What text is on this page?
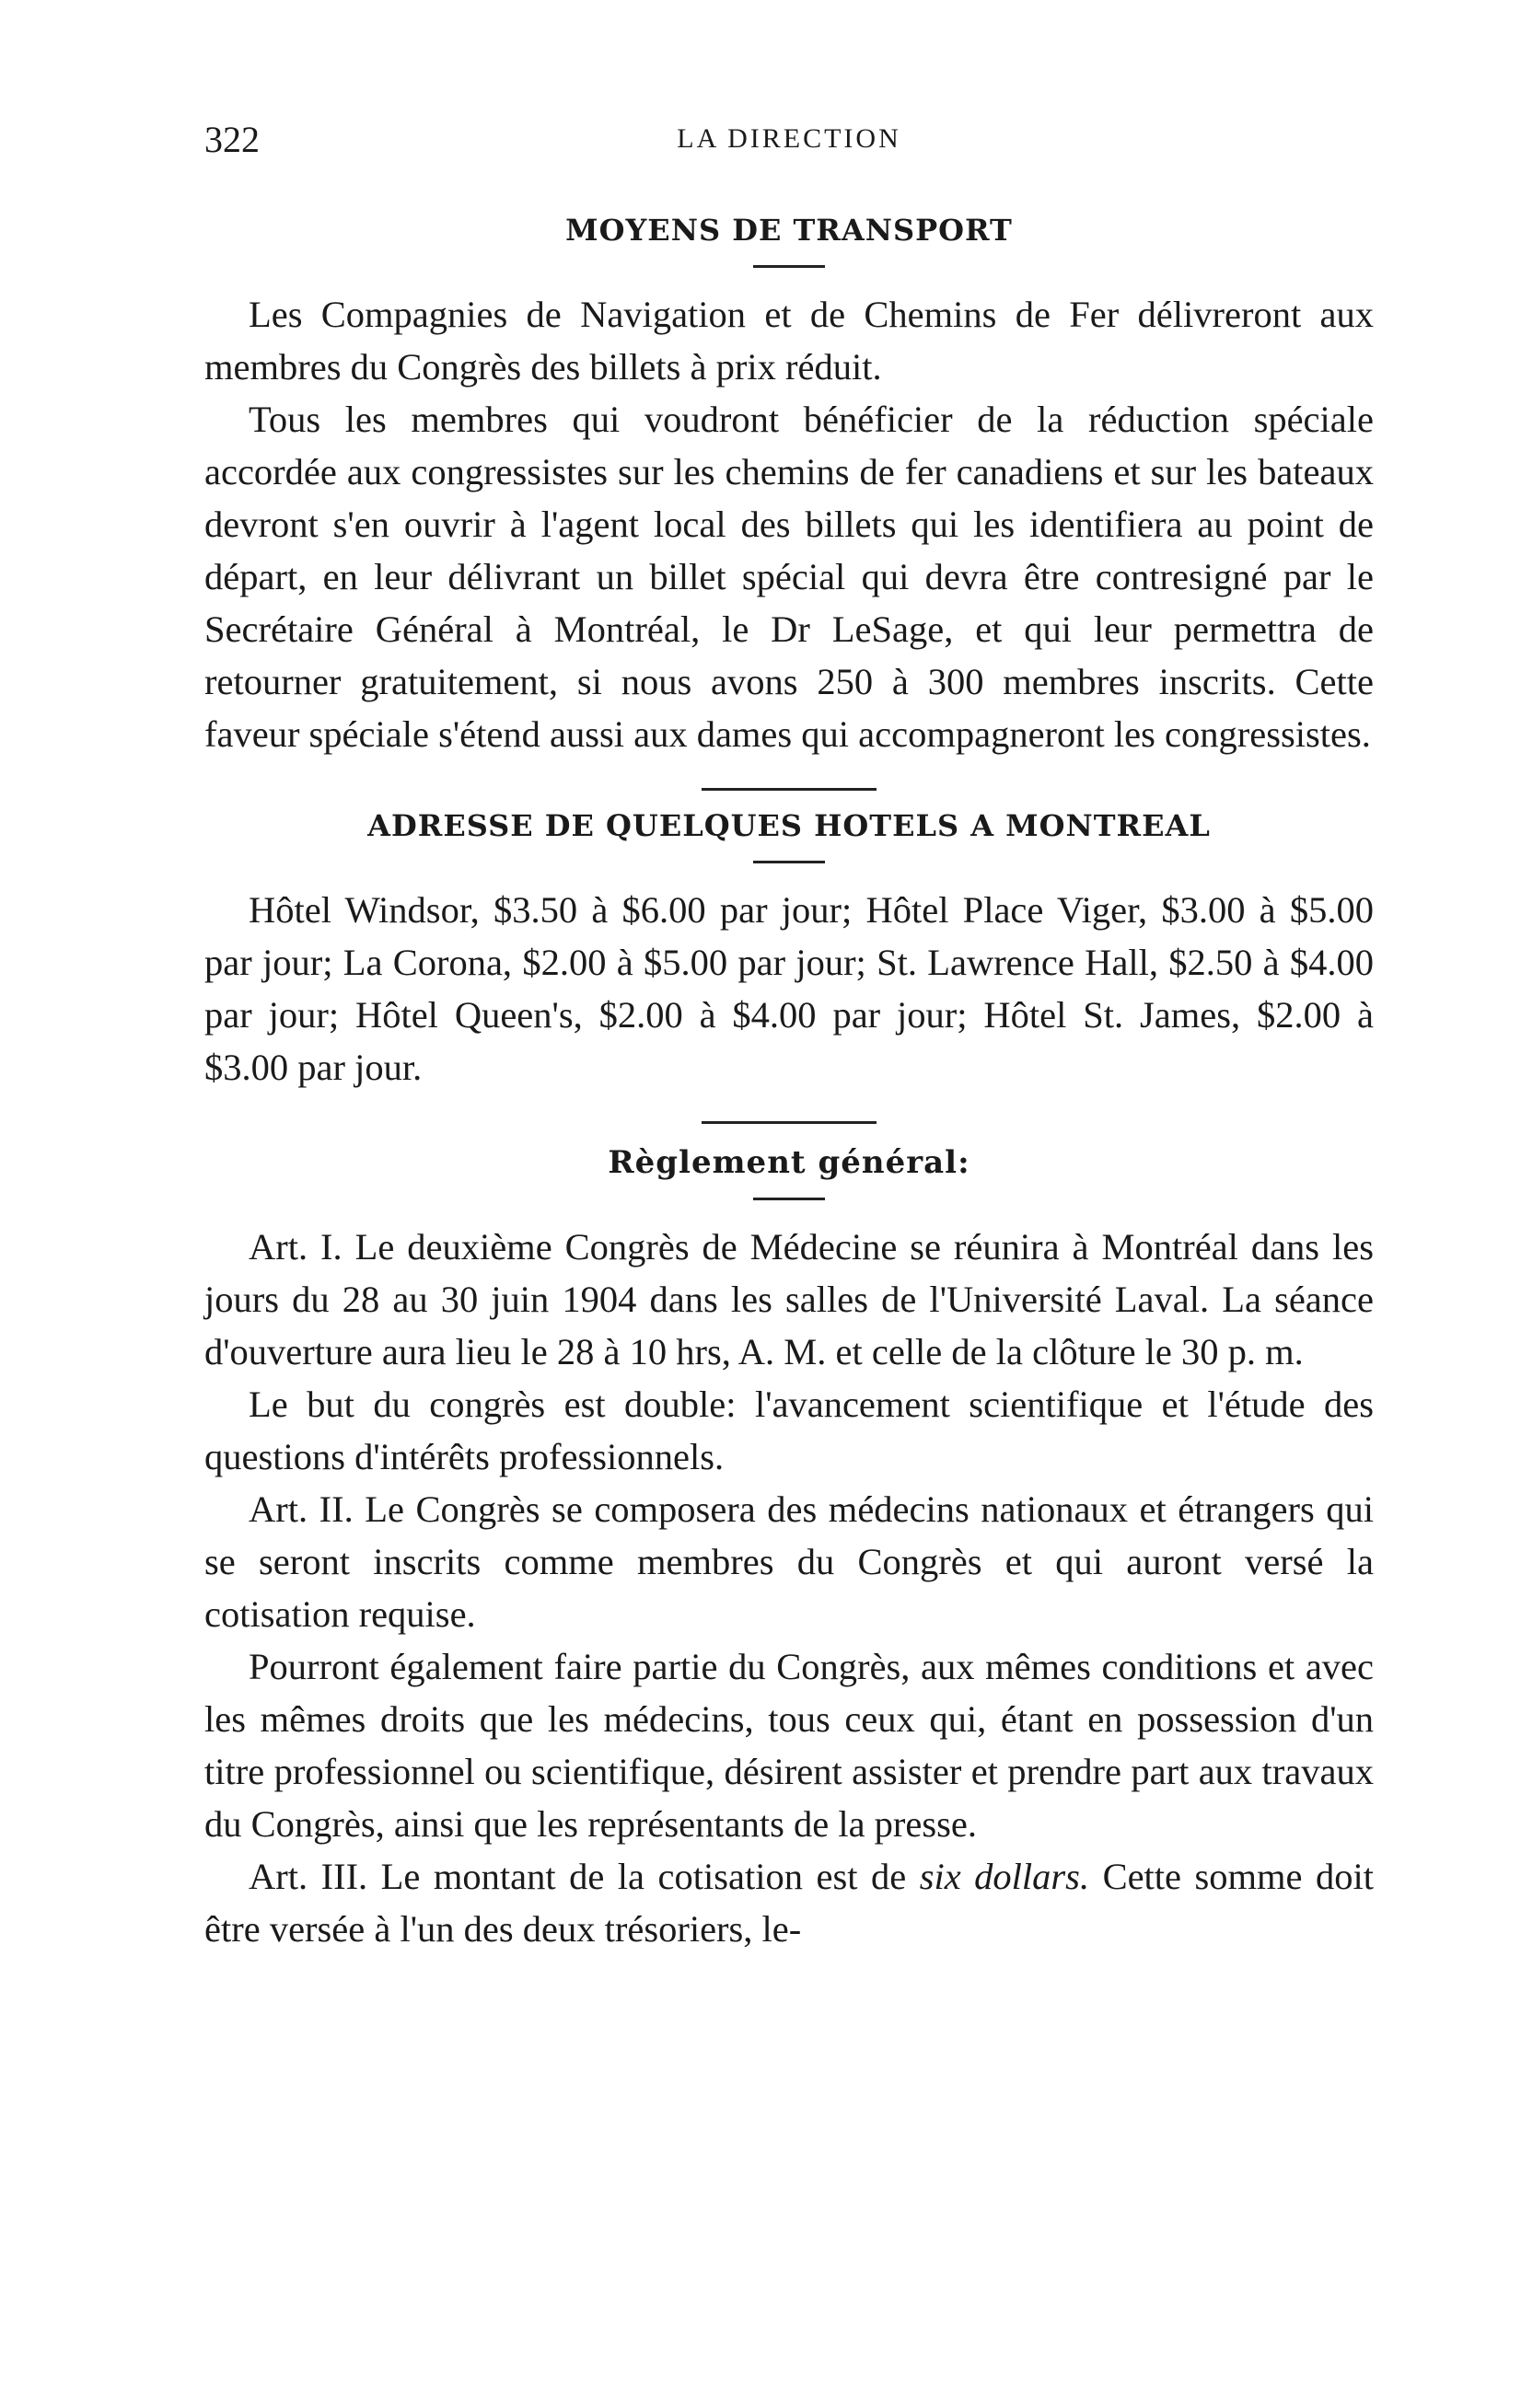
322	LA DIRECTION
MOYENS DE TRANSPORT

Les Compagnies de Navigation et de Chemins de Fer délivreront aux membres du Congrès des billets à prix réduit.

Tous les membres qui voudront bénéficier de la réduction spéciale accordée aux congressistes sur les chemins de fer canadiens et sur les bateaux devront s'en ouvrir à l'agent local des billets qui les identifiera au point de départ, en leur délivrant un billet spécial qui devra être contresigné par le Secrétaire Général à Montréal, le Dr LeSage, et qui leur permettra de retourner gratuitement, si nous avons 250 à 300 membres inscrits. Cette faveur spéciale s'étend aussi aux dames qui accompagneront les congressistes.

ADRESSE DE QUELQUES HOTELS A MONTREAL

Hôtel Windsor, $3.50 à $6.00 par jour; Hôtel Place Viger, $3.00 à $5.00 par jour; La Corona, $2.00 à $5.00 par jour; St. Lawrence Hall, $2.50 à $4.00 par jour; Hôtel Queen's, $2.00 à $4.00 par jour; Hôtel St. James, $2.00 à $3.00 par jour.

Règlement général:

Art. I. Le deuxième Congrès de Médecine se réunira à Montréal dans les jours du 28 au 30 juin 1904 dans les salles de l'Université Laval. La séance d'ouverture aura lieu le 28 à 10 hrs, A. M. et celle de la clôture le 30 p. m.

Le but du congrès est double: l'avancement scientifique et l'étude des questions d'intérêts professionnels.

Art. II. Le Congrès se composera des médecins nationaux et étrangers qui se seront inscrits comme membres du Congrès et qui auront versé la cotisation requise.

Pourront également faire partie du Congrès, aux mêmes conditions et avec les mêmes droits que les médecins, tous ceux qui, étant en possession d'un titre professionnel ou scientifique, désirent assister et prendre part aux travaux du Congrès, ainsi que les représentants de la presse.

Art. III. Le montant de la cotisation est de six dollars. Cette somme doit être versée à l'un des deux trésoriers, le-
